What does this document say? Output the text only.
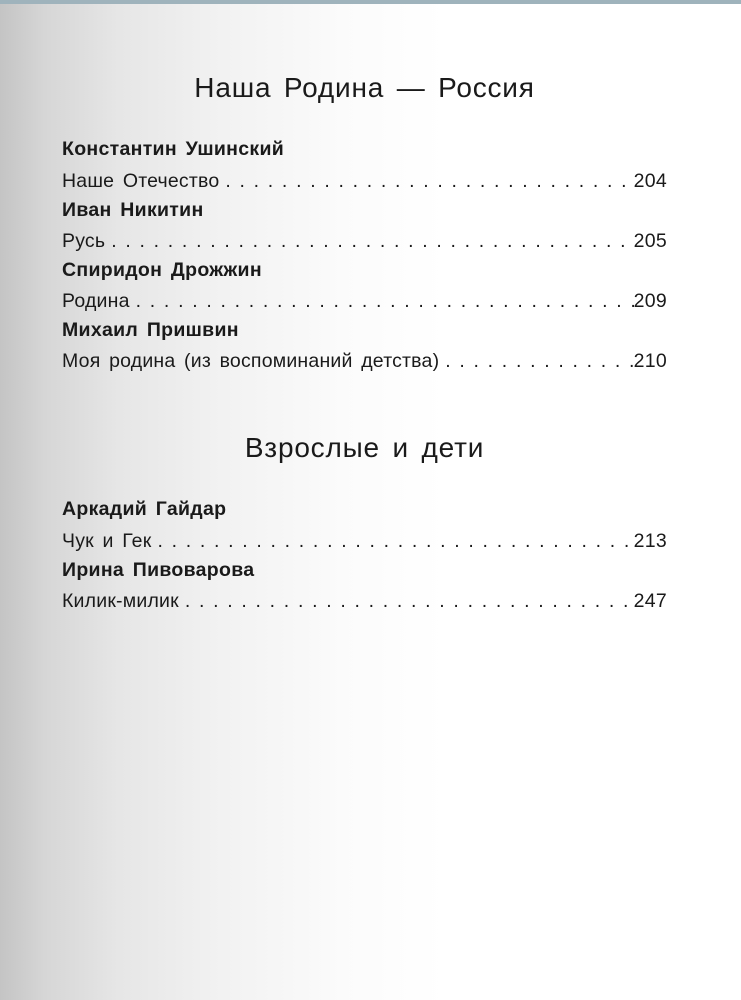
Наша Родина — Россия
Константин Ушинский
Наше Отечество . . .	204
Иван Никитин
Русь . . .	205
Спиридон Дрожжин
Родина . . .	209
Михаил Пришвин
Моя родина (из воспоминаний детства) . . .	210
Взрослые и дети
Аркадий Гайдар
Чук и Гек . . .	213
Ирина Пивоварова
Килик-милик . . .	247
